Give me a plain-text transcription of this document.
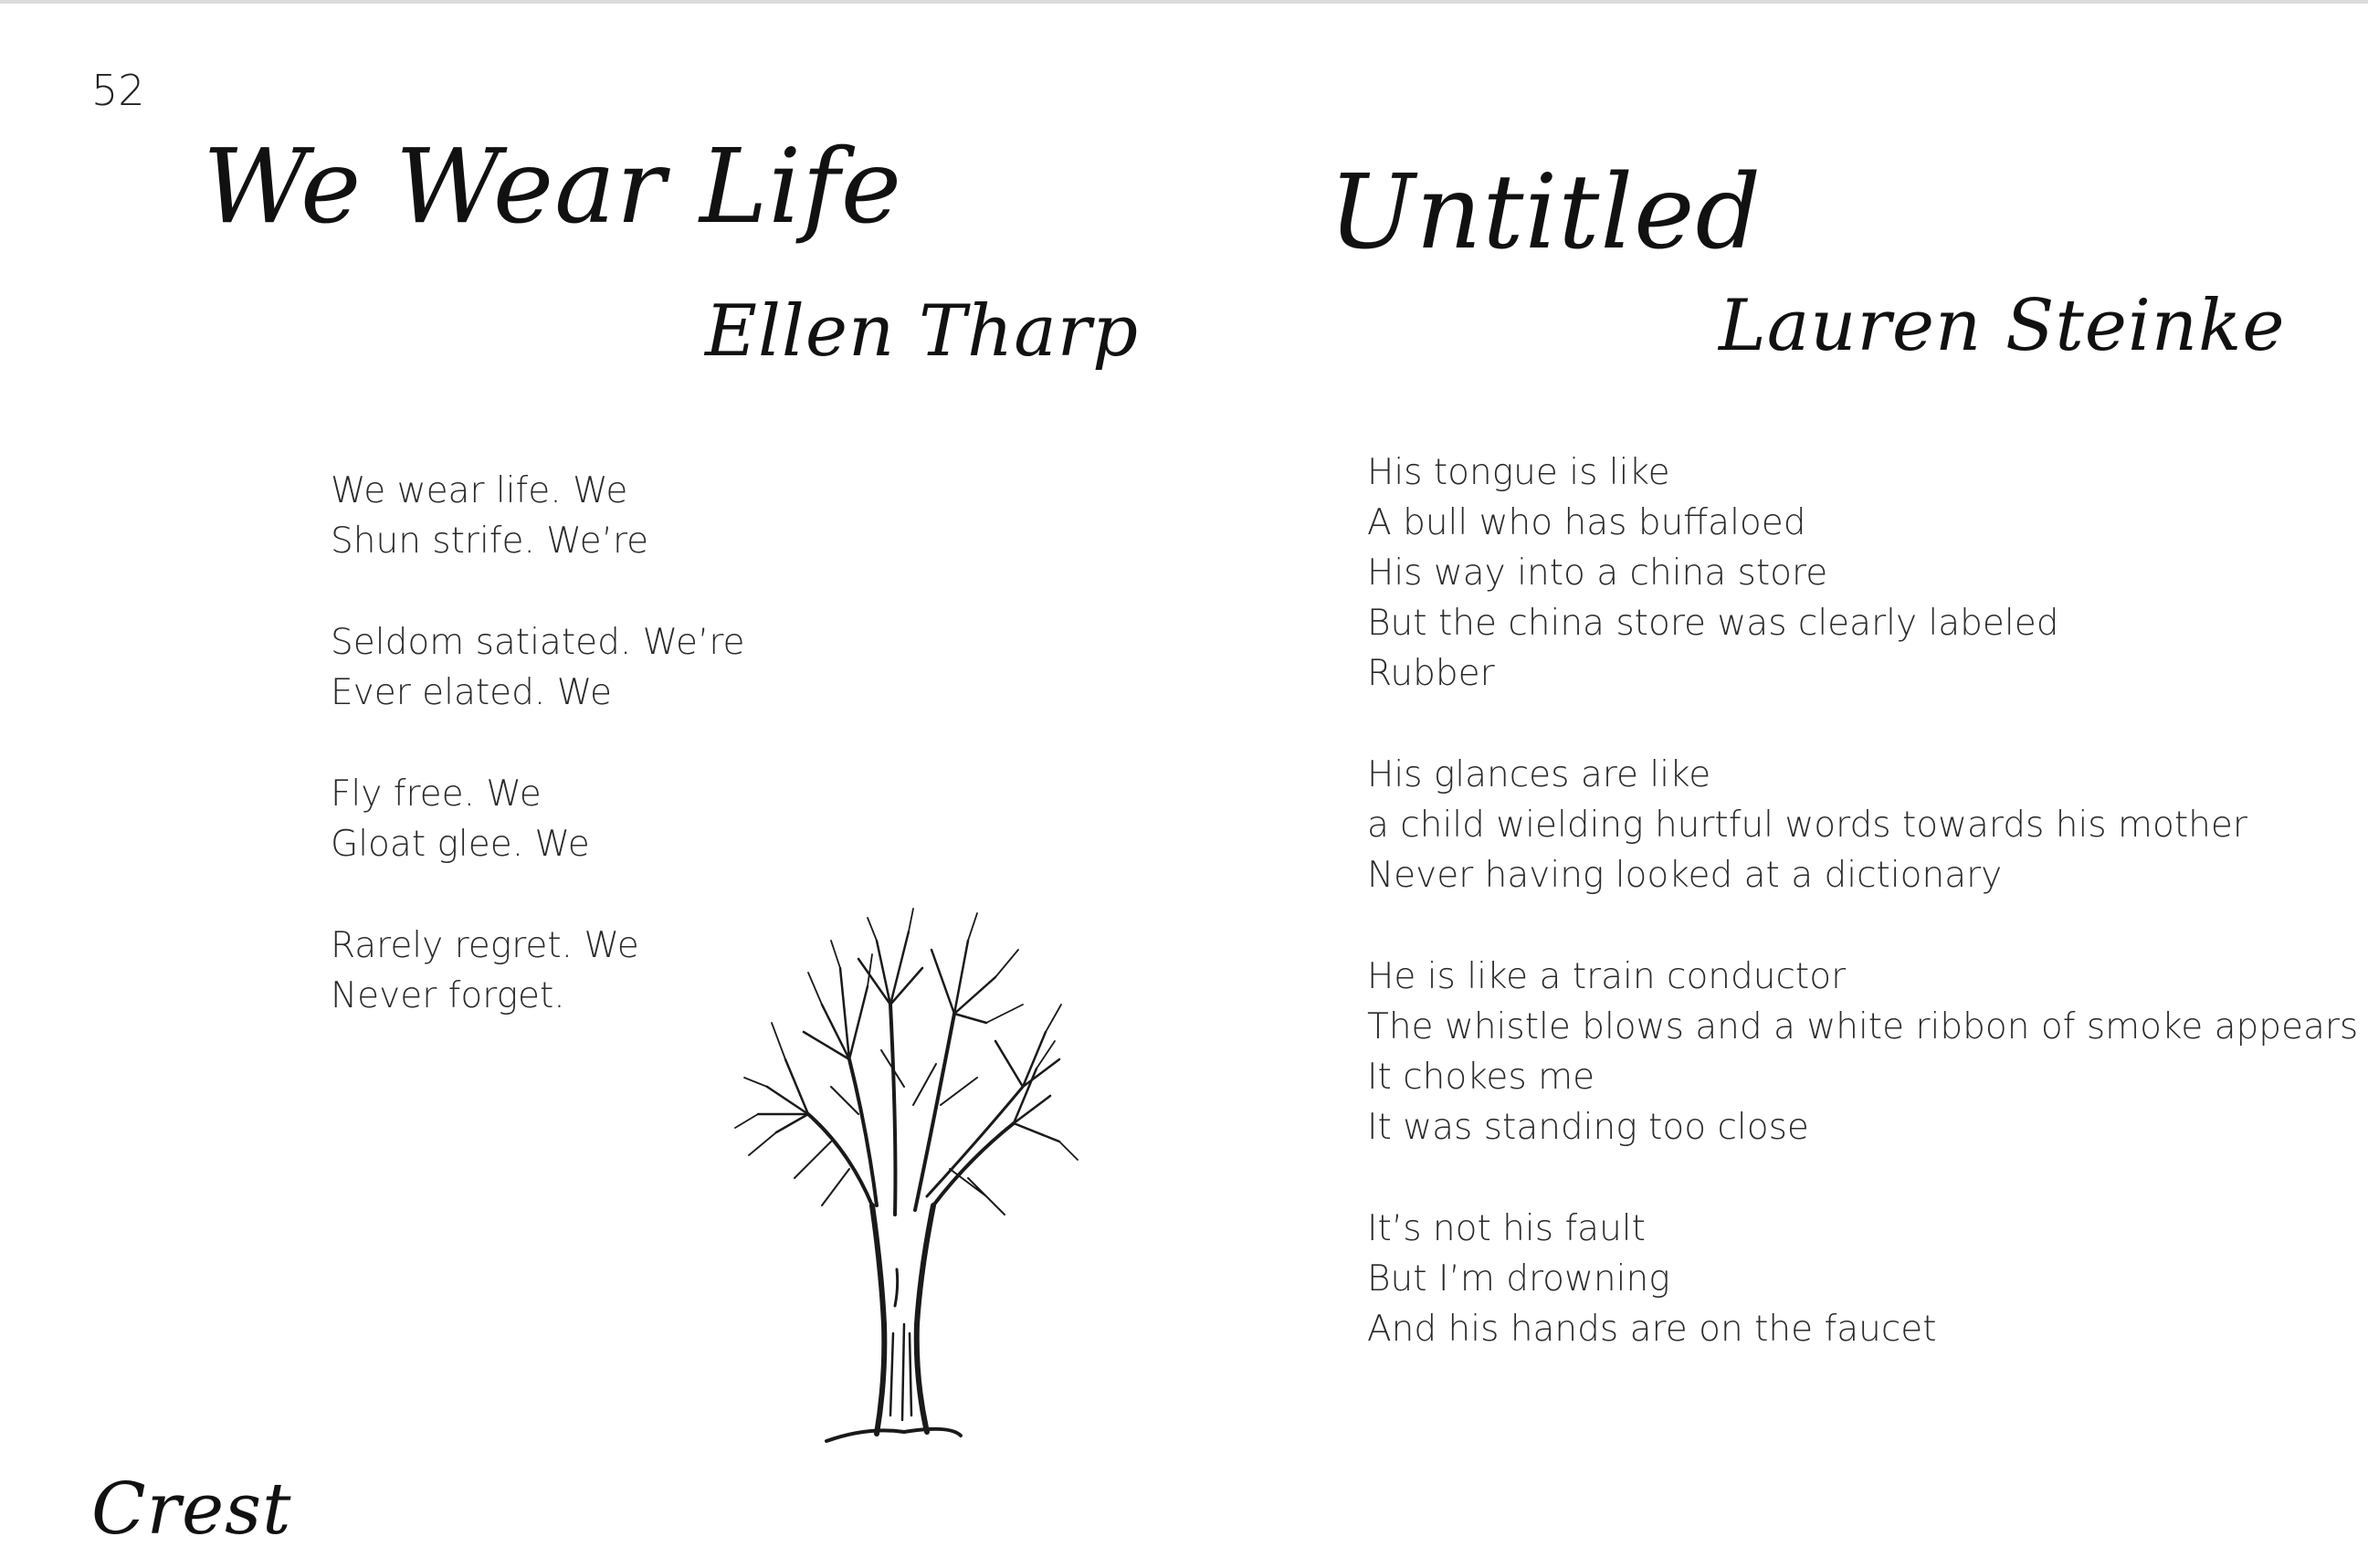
52
We Wear Life
Ellen Tharp
Untitled
Lauren Steinke

We wear life. We
Shun strife. We’re

Seldom satiated. We’re
Ever elated. We

Fly free. We
Gloat glee. We

Rarely regret. We
Never forget.

His tongue is like
A bull who has buffaloed
His way into a china store
But the china store was clearly labeled
Rubber

His glances are like
a child wielding hurtful words towards his mother
Never having looked at a dictionary

He is like a train conductor
The whistle blows and a white ribbon of smoke appears
It chokes me
It was standing too close

It’s not his fault
But I’m drowning
And his hands are on the faucet

Crest
